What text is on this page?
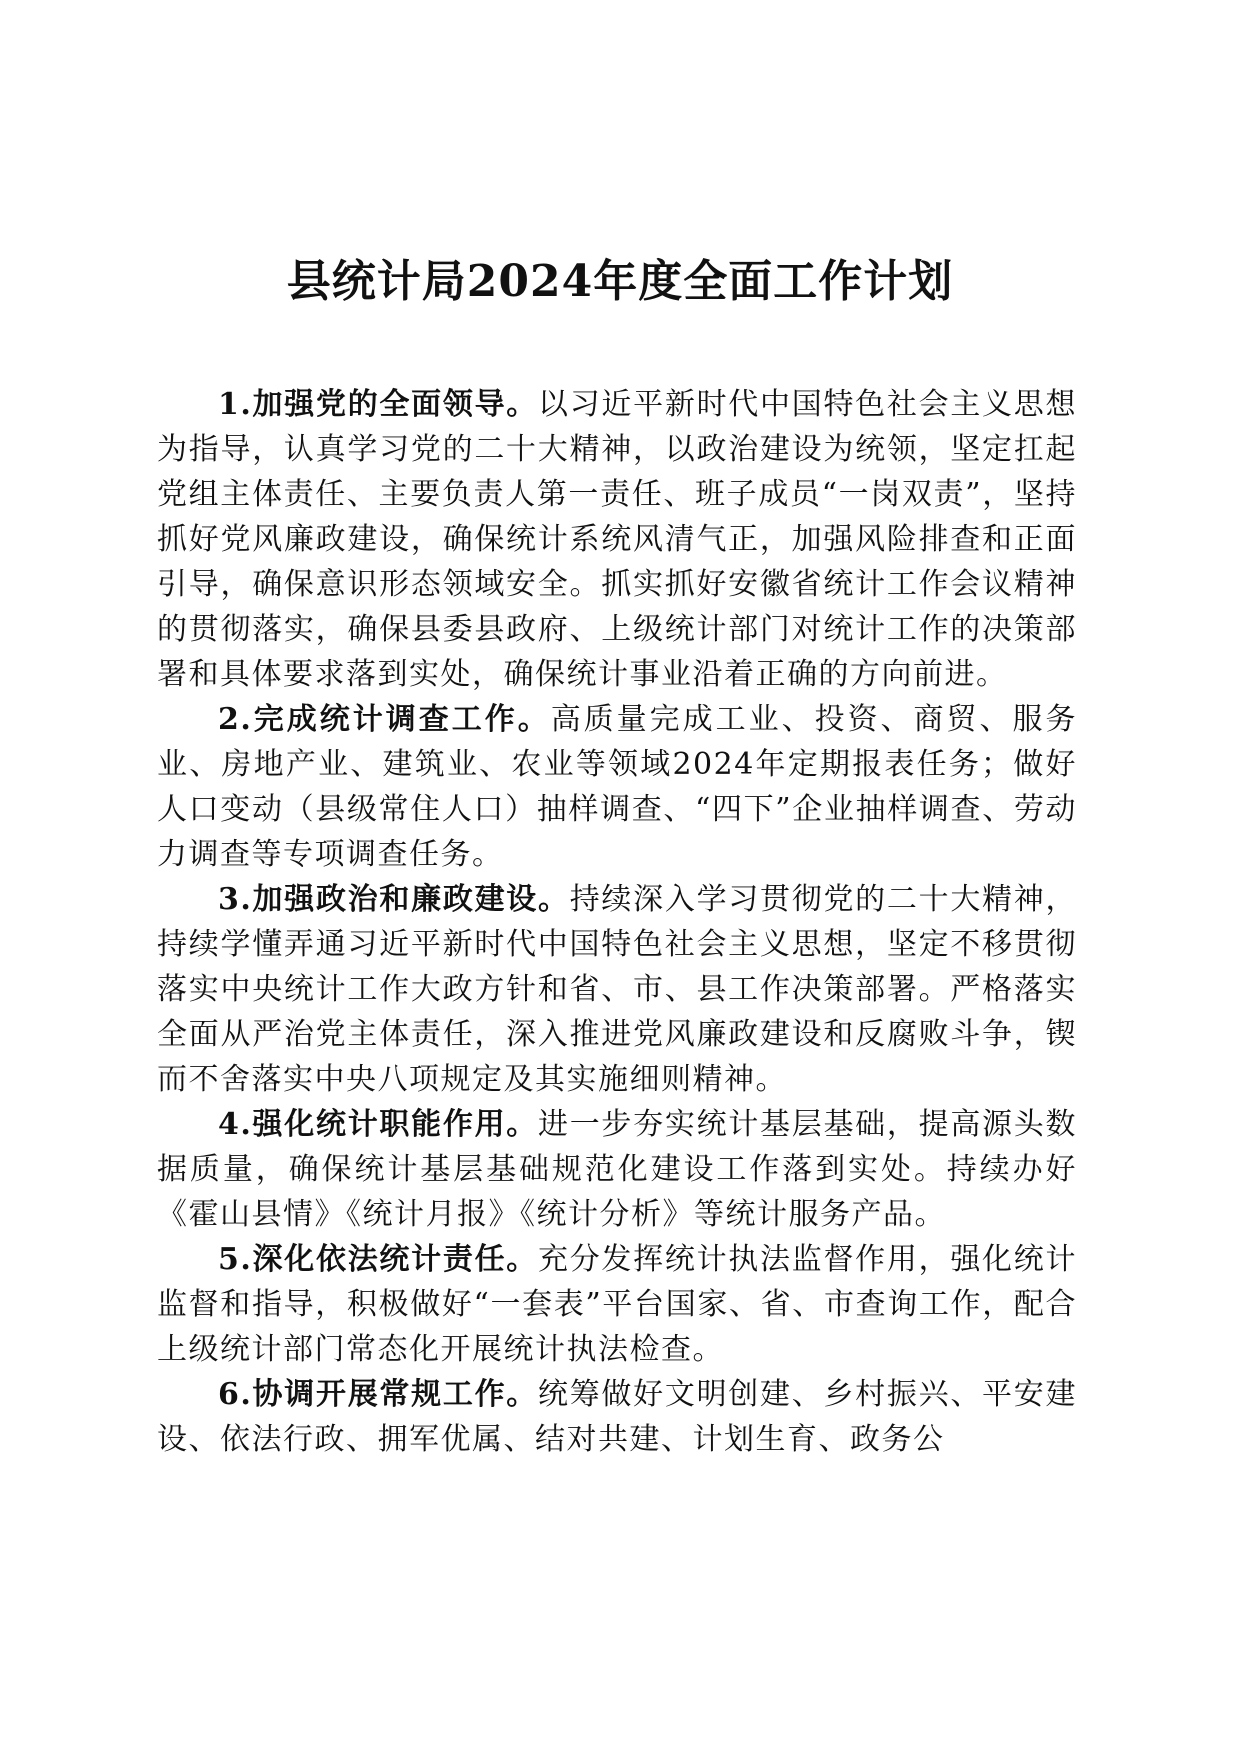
县统计局2024年度全面工作计划

1.加强党的全面领导。以习近平新时代中国特色社会主义思想为指导，认真学习党的二十大精神，以政治建设为统领，坚定扛起党组主体责任、主要负责人第一责任、班子成员“一岗双责”，坚持抓好党风廉政建设，确保统计系统风清气正，加强风险排查和正面引导，确保意识形态领域安全。抓实抓好安徽省统计工作会议精神的贯彻落实，确保县委县政府、上级统计部门对统计工作的决策部署和具体要求落到实处，确保统计事业沿着正确的方向前进。

2.完成统计调查工作。高质量完成工业、投资、商贸、服务业、房地产业、建筑业、农业等领域2024年定期报表任务；做好人口变动（县级常住人口）抽样调查、“四下”企业抽样调查、劳动力调查等专项调查任务。

3.加强政治和廉政建设。持续深入学习贯彻党的二十大精神，持续学懂弄通习近平新时代中国特色社会主义思想，坚定不移贯彻落实中央统计工作大政方针和省、市、县工作决策部署。严格落实全面从严治党主体责任，深入推进党风廉政建设和反腐败斗争，锲而不舍落实中央八项规定及其实施细则精神。

4.强化统计职能作用。进一步夯实统计基层基础，提高源头数据质量，确保统计基层基础规范化建设工作落到实处。持续办好《霍山县情》《统计月报》《统计分析》等统计服务产品。

5.深化依法统计责任。充分发挥统计执法监督作用，强化统计监督和指导，积极做好“一套表”平台国家、省、市查询工作，配合上级统计部门常态化开展统计执法检查。

6.协调开展常规工作。统筹做好文明创建、乡村振兴、平安建设、依法行政、拥军优属、结对共建、计划生育、政务公
